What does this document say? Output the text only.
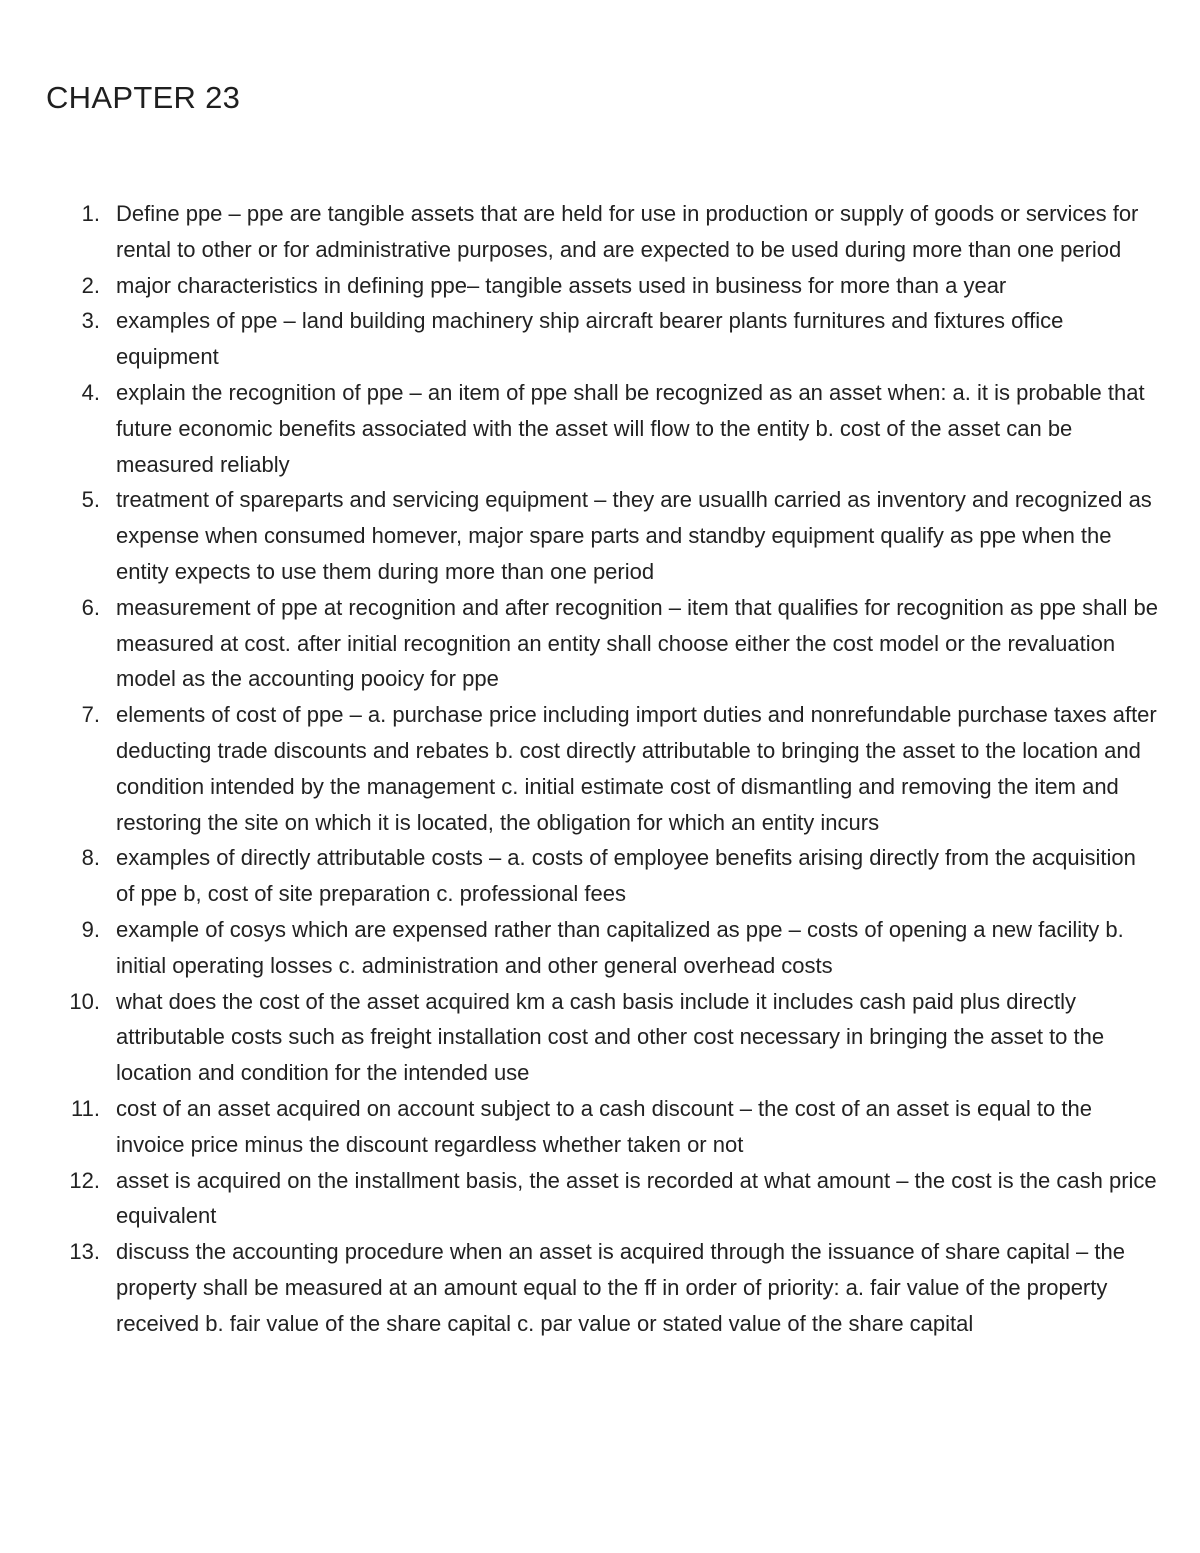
CHAPTER 23
1. Define ppe – ppe are tangible assets that are held for use in production or supply of goods or services for rental to other or for administrative purposes, and are expected to be used during more than one period
2. major characteristics in defining ppe– tangible assets used in business for more than a year
3. examples of ppe – land building machinery ship aircraft bearer plants furnitures and fixtures office equipment
4. explain the recognition of ppe – an item of ppe shall be recognized as an asset when: a. it is probable that future economic benefits associated with the asset will flow to the entity b. cost of the asset can be measured reliably
5. treatment of spareparts and servicing equipment – they are usuallh carried as inventory and recognized as expense when consumed homever, major spare parts and standby equipment qualify as ppe when the entity expects to use them during more than one period
6. measurement of ppe at recognition and after recognition – item that qualifies for recognition as ppe shall be measured at cost. after initial recognition an entity shall choose either the cost model or the revaluation model as the accounting pooicy for ppe
7. elements of cost of ppe – a. purchase price including import duties and nonrefundable purchase taxes after deducting trade discounts and rebates b. cost directly attributable to bringing the asset to the location and condition intended by the management c. initial estimate cost of dismantling and removing the item and restoring the site on which it is located, the obligation for which an entity incurs
8. examples of directly attributable costs – a. costs of employee benefits arising directly from the acquisition of ppe b, cost of site preparation c. professional fees
9. example of cosys which are expensed rather than capitalized as ppe – costs of opening a new facility b. initial operating losses c. administration and other general overhead costs
10. what does the cost of the asset acquired km a cash basis include it includes cash paid plus directly attributable costs such as freight installation cost and other cost necessary in bringing the asset to the location and condition for the intended use
11. cost of an asset acquired on account subject to a cash discount – the cost of an asset is equal to the invoice price minus the discount regardless whether taken or not
12. asset is acquired on the installment basis, the asset is recorded at what amount – the cost is the cash price equivalent
13. discuss the accounting procedure when an asset is acquired through the issuance of share capital – the property shall be measured at an amount equal to the ff in order of priority: a. fair value of the property received b. fair value of the share capital c. par value or stated value of the share capital
